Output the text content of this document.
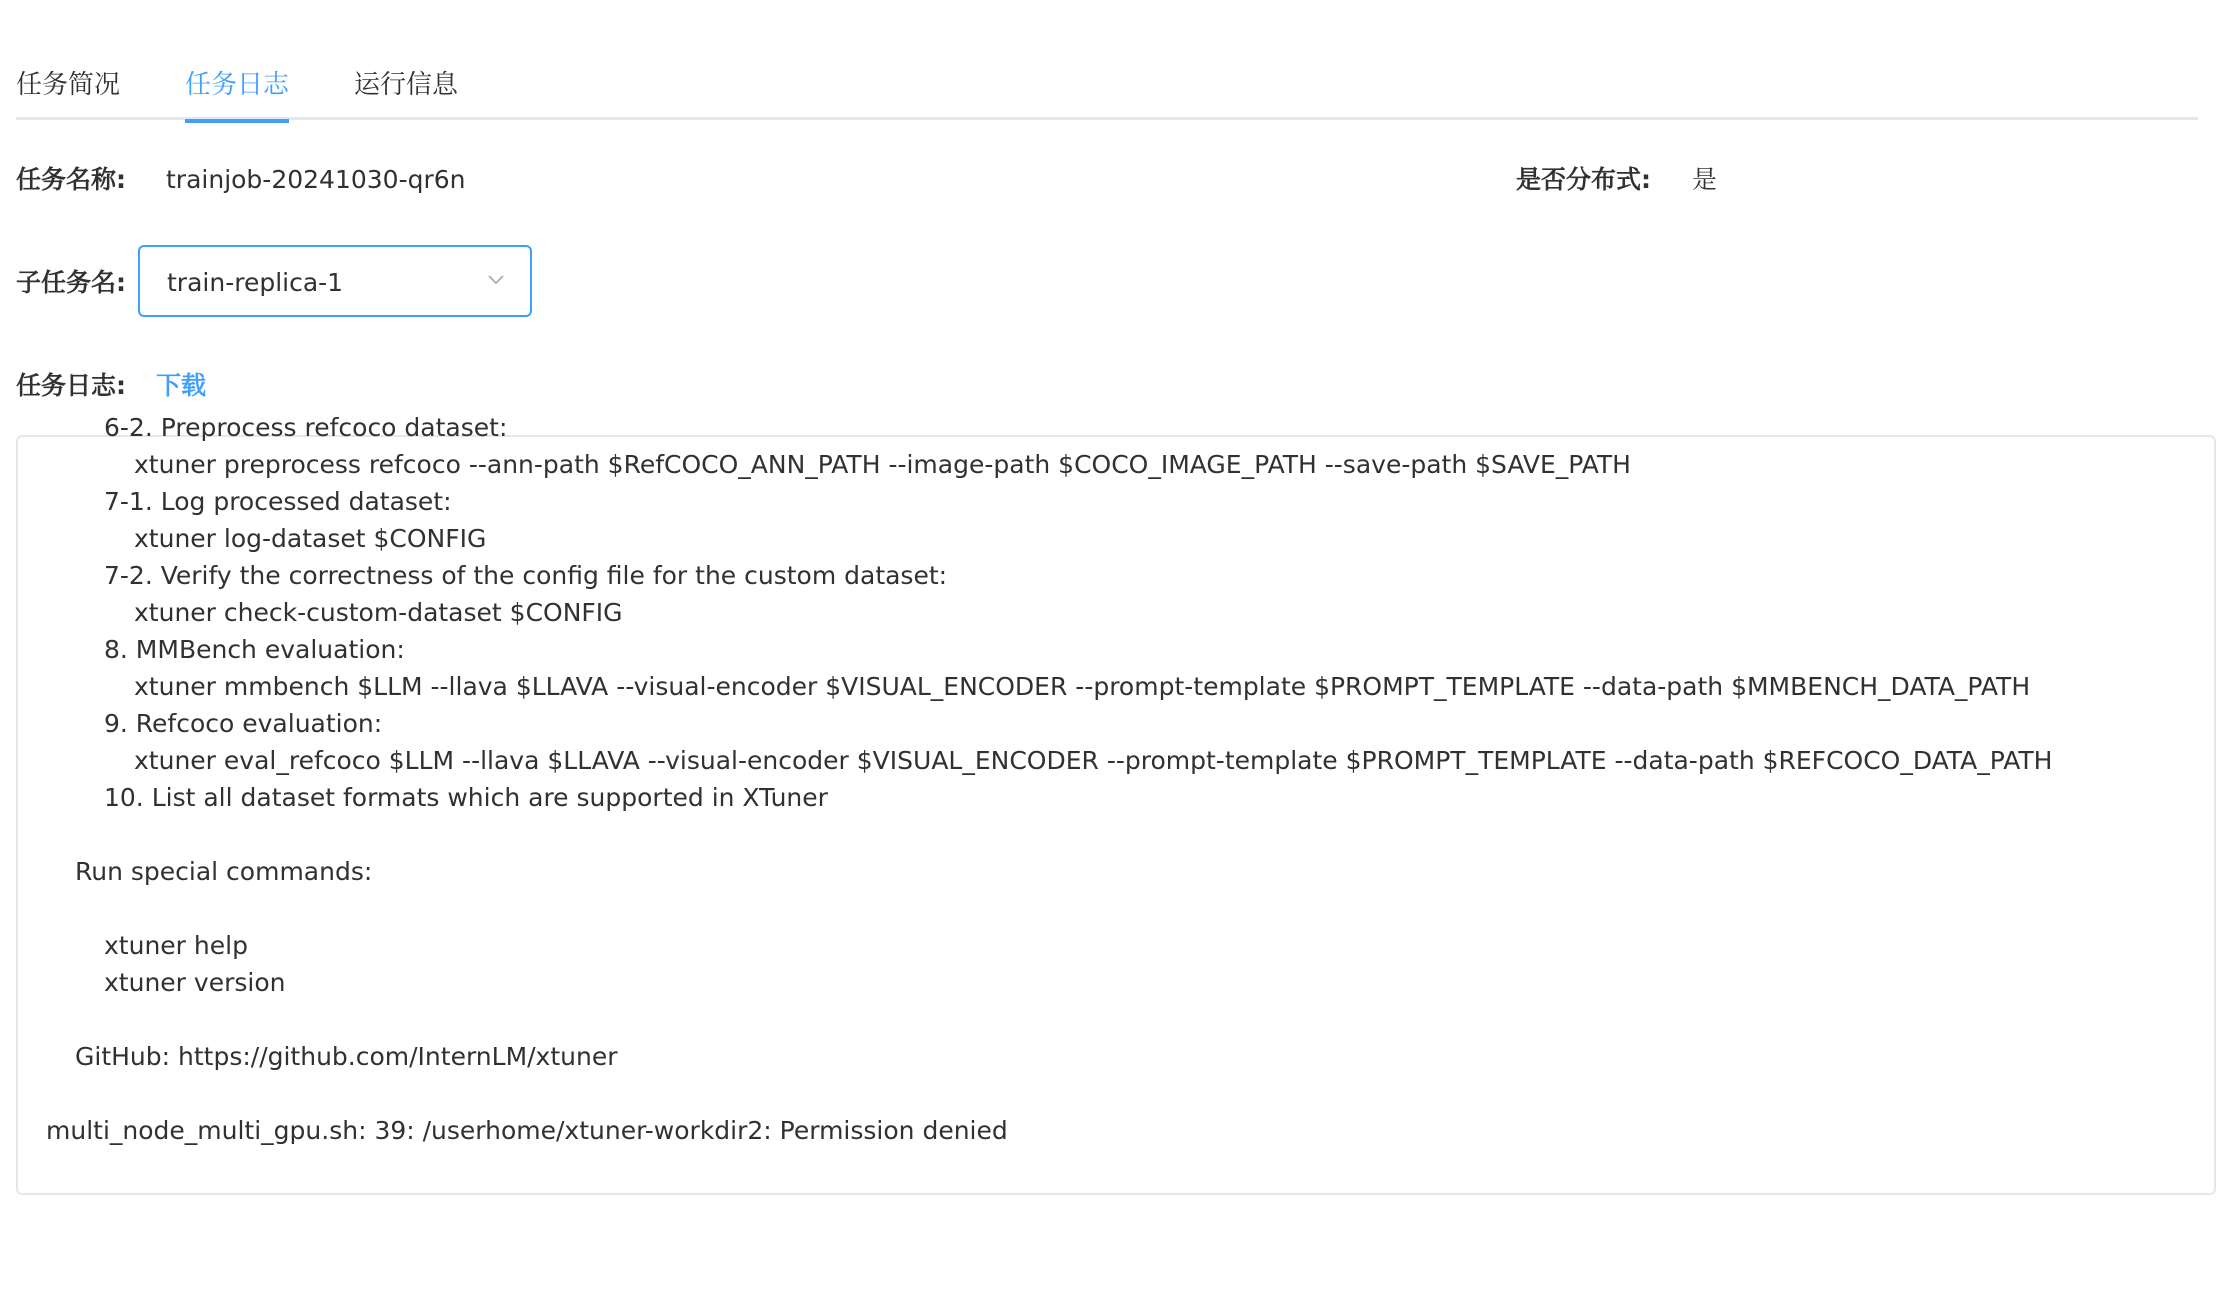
任务简况 任务日志 运行信息
任务名称: trainjob-20241030-qr6n	是否分布式: 是
子任务名: train-replica-1
任务日志: 下载
6-2. Preprocess refcoco dataset:
xtuner preprocess refcoco --ann-path $RefCOCO_ANN_PATH --image-path $COCO_IMAGE_PATH --save-path $SAVE_PATH
7-1. Log processed dataset:
xtuner log-dataset $CONFIG
7-2. Verify the correctness of the config file for the custom dataset:
xtuner check-custom-dataset $CONFIG
8. MMBench evaluation:
xtuner mmbench $LLM --llava $LLAVA --visual-encoder $VISUAL_ENCODER --prompt-template $PROMPT_TEMPLATE --data-path $MMBENCH_DATA_PATH
9. Refcoco evaluation:
xtuner eval_refcoco $LLM --llava $LLAVA --visual-encoder $VISUAL_ENCODER --prompt-template $PROMPT_TEMPLATE --data-path $REFCOCO_DATA_PATH
10. List all dataset formats which are supported in XTuner
Run special commands:
xtuner help
xtuner version
GitHub: https://github.com/InternLM/xtuner
multi_node_multi_gpu.sh: 39: /userhome/xtuner-workdir2: Permission denied
